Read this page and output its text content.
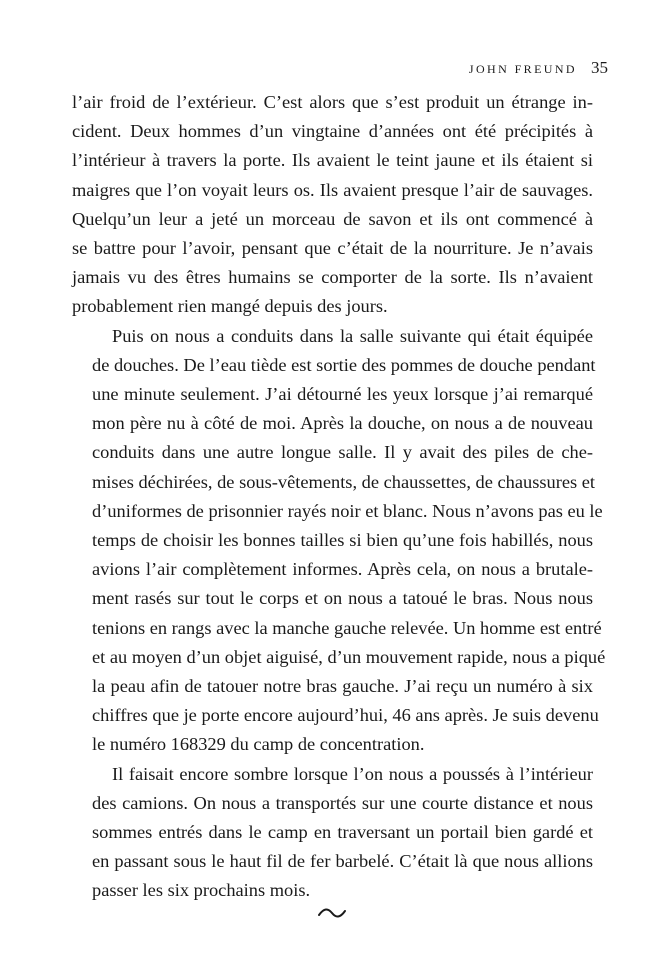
JOHN FREUND 35

l’air froid de l’extérieur. C’est alors que s’est produit un étrange in-
cident. Deux hommes d’un vingtaine d’années ont été précipités à
l’intérieur à travers la porte. Ils avaient le teint jaune et ils étaient si
maigres que l’on voyait leurs os. Ils avaient presque l’air de sauvages.
Quelqu’un leur a jeté un morceau de savon et ils ont commencé à
se battre pour l’avoir, pensant que c’était de la nourriture. Je n’avais
jamais vu des êtres humains se comporter de la sorte. Ils n’avaient
probablement rien mangé depuis des jours.

Puis on nous a conduits dans la salle suivante qui était équipée
de douches. De l’eau tiède est sortie des pommes de douche pendant
une minute seulement. J’ai détourné les yeux lorsque j’ai remarqué
mon père nu à côté de moi. Après la douche, on nous a de nouveau
conduits dans une autre longue salle. Il y avait des piles de che-
mises déchirées, de sous-vêtements, de chaussettes, de chaussures et
d’uniformes de prisonnier rayés noir et blanc. Nous n’avons pas eu le
temps de choisir les bonnes tailles si bien qu’une fois habillés, nous
avions l’air complètement informes. Après cela, on nous a brutale-
ment rasés sur tout le corps et on nous a tatoué le bras. Nous nous
tenions en rangs avec la manche gauche relevée. Un homme est entré
et au moyen d’un objet aiguisé, d’un mouvement rapide, nous a piqué
la peau afin de tatouer notre bras gauche. J’ai reçu un numéro à six
chiffres que je porte encore aujourd’hui, 46 ans après. Je suis devenu
le numéro 168329 du camp de concentration.

Il faisait encore sombre lorsque l’on nous a poussés à l’intérieur
des camions. On nous a transportés sur une courte distance et nous
sommes entrés dans le camp en traversant un portail bien gardé et
en passant sous le haut fil de fer barbelé. C’était là que nous allions
passer les six prochains mois.
